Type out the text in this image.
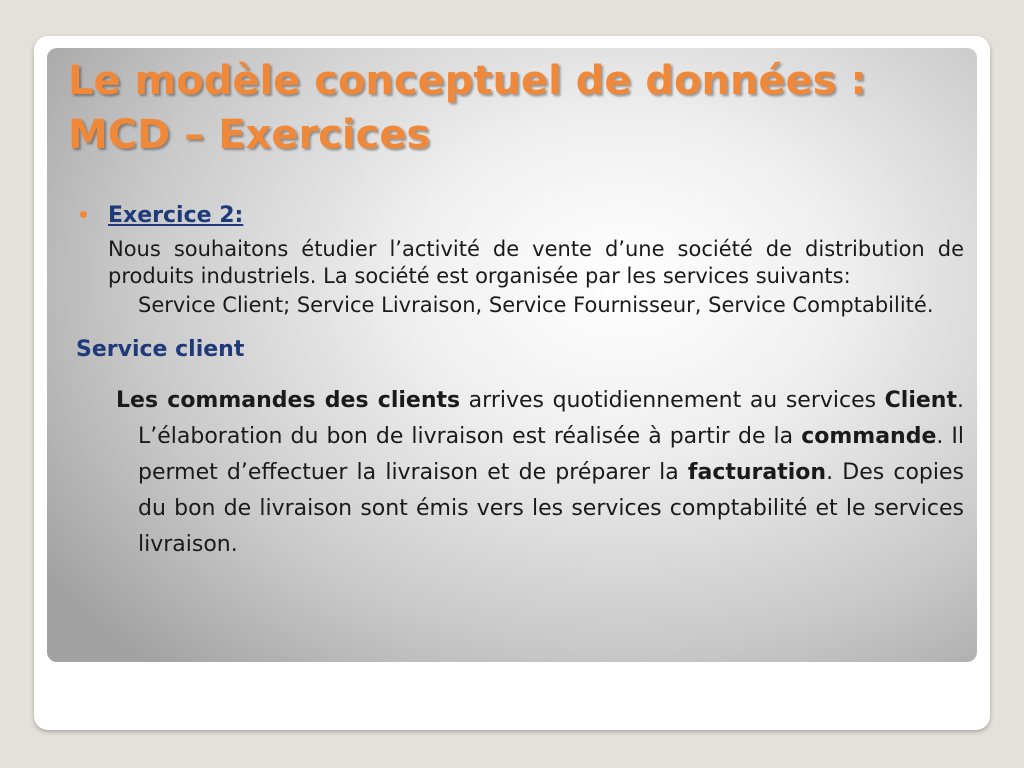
Le modèle conceptuel de données : MCD – Exercices
Exercice 2:

Nous souhaitons étudier l’activité de vente d’une société de distribution de produits industriels. La société est organisée par les services suivants:

Service Client; Service Livraison, Service Fournisseur, Service Comptabilité.

Service client

Les commandes des clients arrives quotidiennement au services Client. L’élaboration du bon de livraison est réalisée à partir de la commande. Il permet d’effectuer la livraison et de préparer la facturation. Des copies du bon de livraison sont émis vers les services comptabilité et le services livraison.
